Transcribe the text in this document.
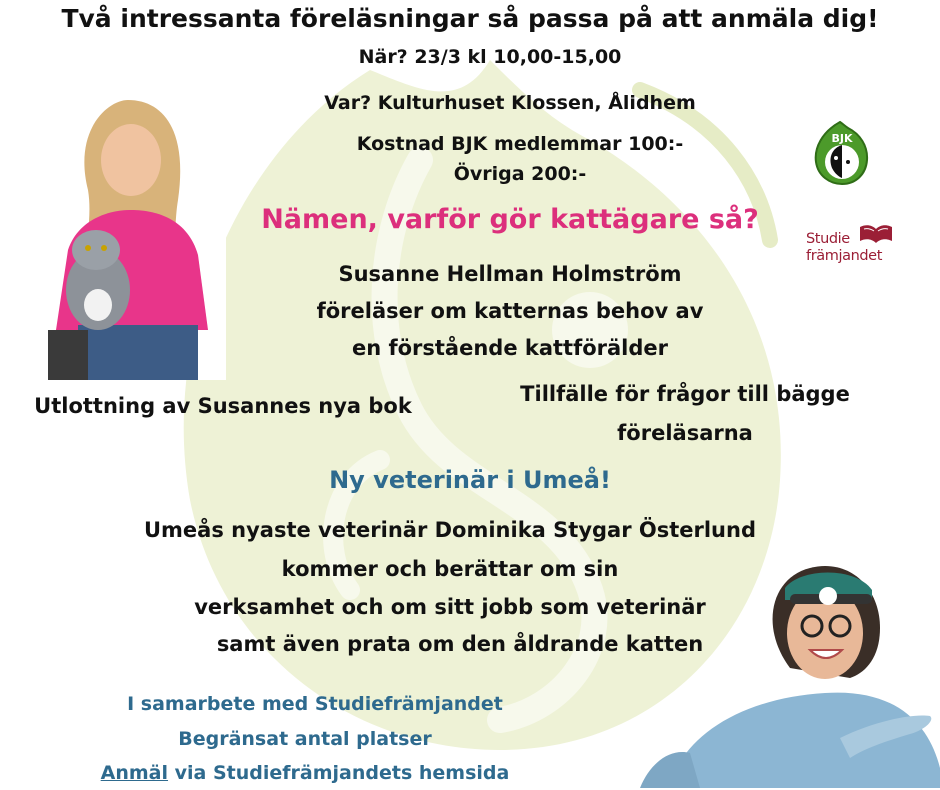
Två intressanta föreläsningar så passa på att anmäla dig!
När? 23/3 kl 10,00-15,00
Var? Kulturhuset Klossen, Ålidhem
Kostnad BJK medlemmar 100:-
Övriga 200:-
Nämen, varför gör kattägare så?
Susanne Hellman Holmström
föreläser om katternas behov av
en förstående kattförälder
Utlottning av Susannes nya bok	Tillfälle för frågor till bägge
föreläsarna
Ny veterinär i Umeå!
Umeås nyaste veterinär Dominika Stygar Österlund
kommer och berättar om sin
verksamhet och om sitt jobb som veterinär
samt även prata om den åldrande katten
I samarbete med Studiefrämjandet
Begränsat antal platser
Anmäl via Studiefrämjandets hemsida
BJK
Studie
främjandet
